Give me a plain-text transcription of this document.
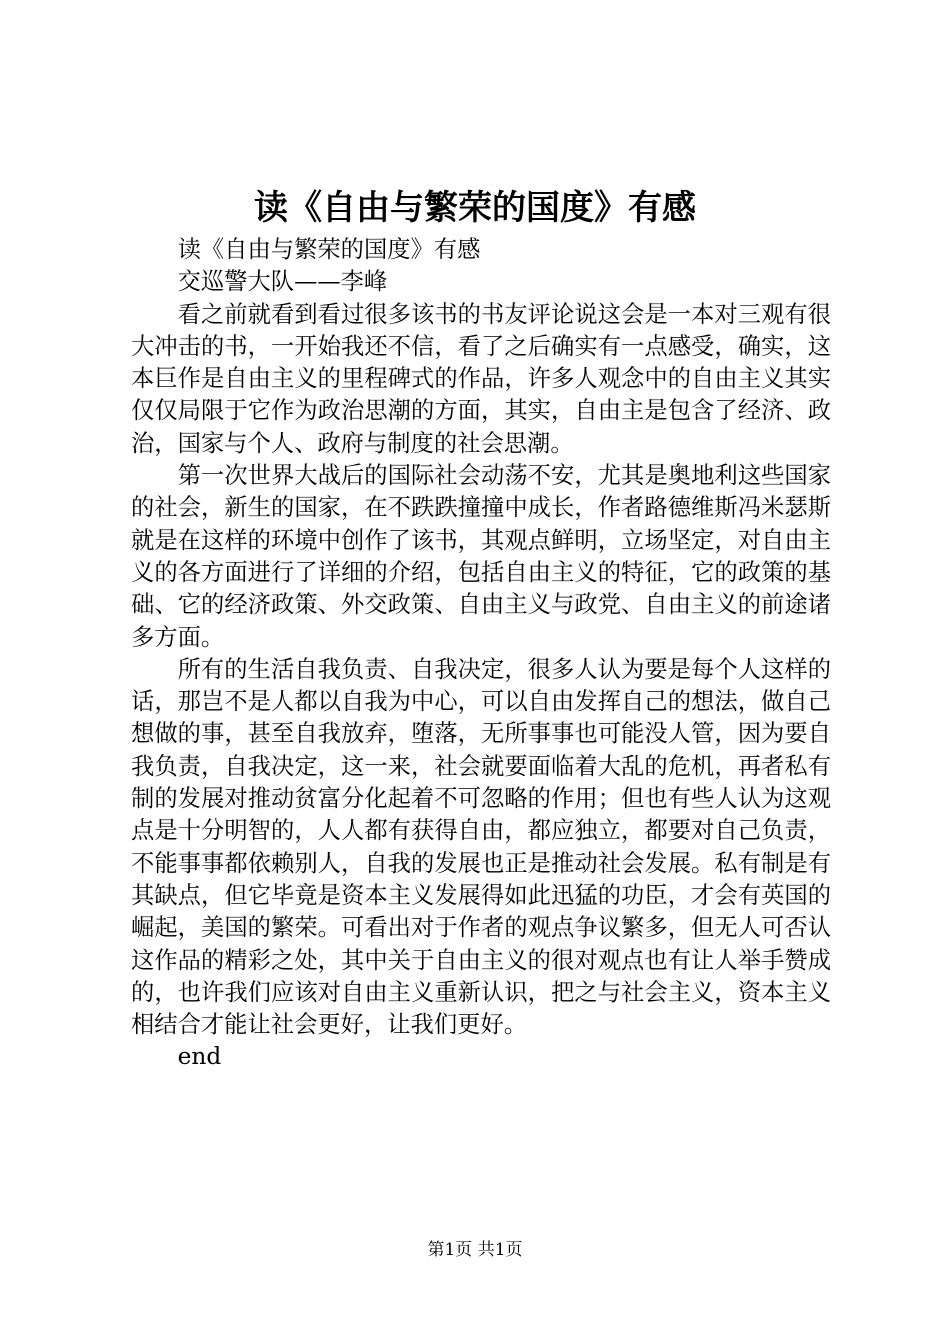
读《自由与繁荣的国度》有感

读《自由与繁荣的国度》有感

交巡警大队——李峰

看之前就看到看过很多该书的书友评论说这会是一本对三观有很大冲击的书，一开始我还不信，看了之后确实有一点感受，确实，这本巨作是自由主义的里程碑式的作品，许多人观念中的自由主义其实仅仅局限于它作为政治思潮的方面，其实，自由主是包含了经济、政治，国家与个人、政府与制度的社会思潮。

第一次世界大战后的国际社会动荡不安，尤其是奥地利这些国家的社会，新生的国家，在不跌跌撞撞中成长，作者路德维斯冯米瑟斯就是在这样的环境中创作了该书，其观点鲜明，立场坚定，对自由主义的各方面进行了详细的介绍，包括自由主义的特征，它的政策的基础、它的经济政策、外交政策、自由主义与政党、自由主义的前途诸多方面。

所有的生活自我负责、自我决定，很多人认为要是每个人这样的话，那岂不是人都以自我为中心，可以自由发挥自己的想法，做自己想做的事，甚至自我放弃，堕落，无所事事也可能没人管，因为要自我负责，自我决定，这一来，社会就要面临着大乱的危机，再者私有制的发展对推动贫富分化起着不可忽略的作用；但也有些人认为这观点是十分明智的，人人都有获得自由，都应独立，都要对自己负责，不能事事都依赖别人，自我的发展也正是推动社会发展。私有制是有其缺点，但它毕竟是资本主义发展得如此迅猛的功臣，才会有英国的崛起，美国的繁荣。可看出对于作者的观点争议繁多，但无人可否认这作品的精彩之处，其中关于自由主义的很对观点也有让人举手赞成的，也许我们应该对自由主义重新认识，把之与社会主义，资本主义相结合才能让社会更好，让我们更好。

end

第1页 共1页
